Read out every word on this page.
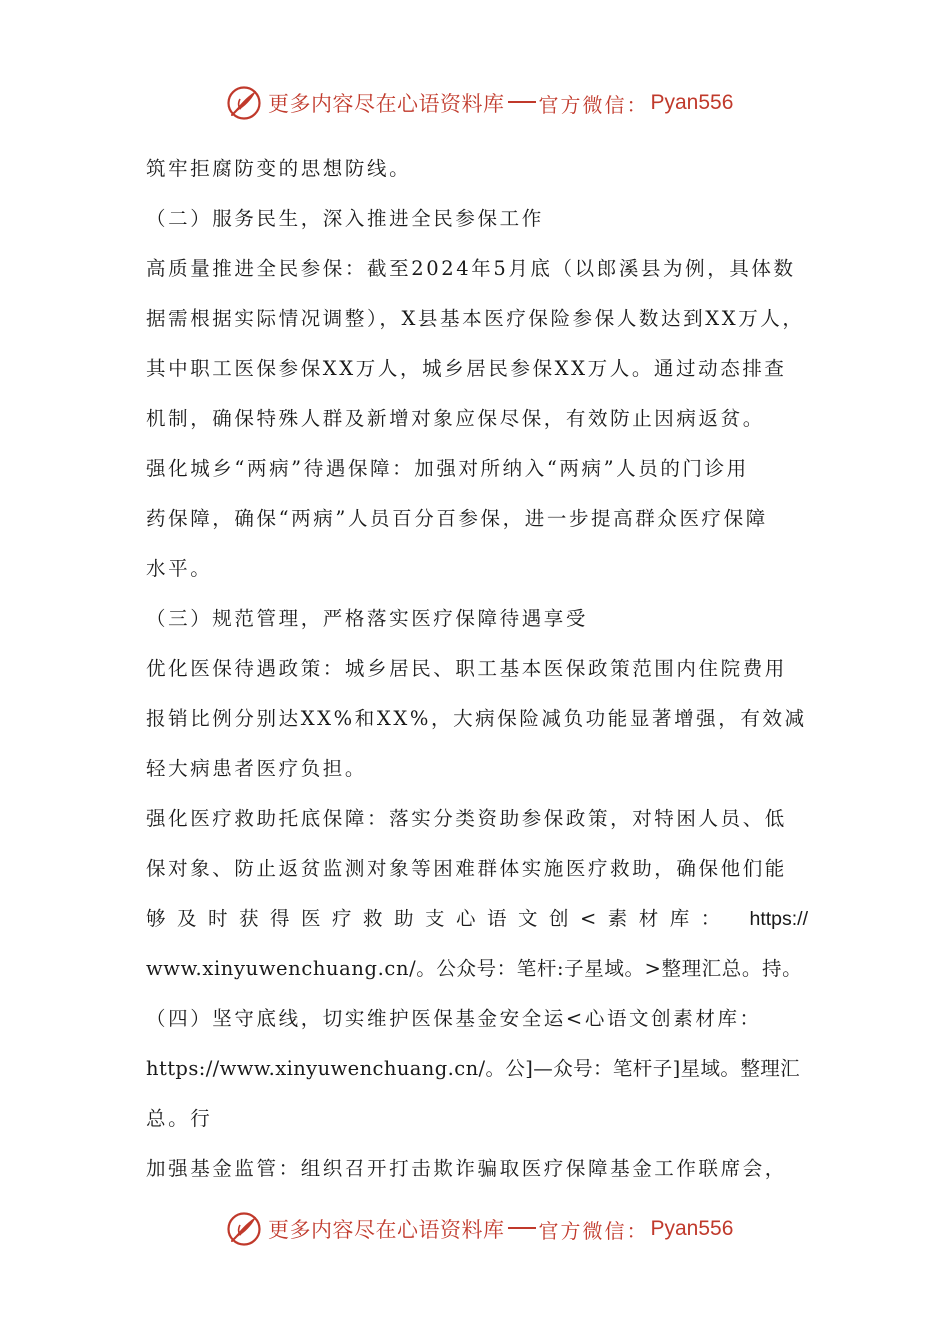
更多内容尽在心语资料库 官方微信： Pyan556
筑牢拒腐防变的思想防线。
（二）服务民生，深入推进全民参保工作
高质量推进全民参保：截至2024年5月底（以郎溪县为例，具体数
据需根据实际情况调整），X县基本医疗保险参保人数达到XX万人，
其中职工医保参保XX万人，城乡居民参保XX万人。通过动态排查
机制，确保特殊人群及新增对象应保尽保，有效防止因病返贫。
强化城乡“两病”待遇保障：加强对所纳入“两病”人员的门诊用
药保障，确保“两病”人员百分百参保，进一步提高群众医疗保障
水平。
（三）规范管理，严格落实医疗保障待遇享受
优化医保待遇政策：城乡居民、职工基本医保政策范围内住院费用
报销比例分别达XX%和XX%，大病保险减负功能显著增强，有效减
轻大病患者医疗负担。
强化医疗救助托底保障：落实分类资助参保政策，对特困人员、低
保对象、防止返贫监测对象等困难群体实施医疗救助，确保他们能
够及时获得医疗救助支心语文创<素材库： https://
www.xinyuwenchuang.cn/。公众号：笔杆:子星域。>整理汇总。持。
（四）坚守底线，切实维护医保基金安全运<心语文创素材库：
https://www.xinyuwenchuang.cn/。公]—众号：笔杆子]星域。整理汇
总。行
加强基金监管：组织召开打击欺诈骗取医疗保障基金工作联席会，
更多内容尽在心语资料库 官方微信： Pyan556
